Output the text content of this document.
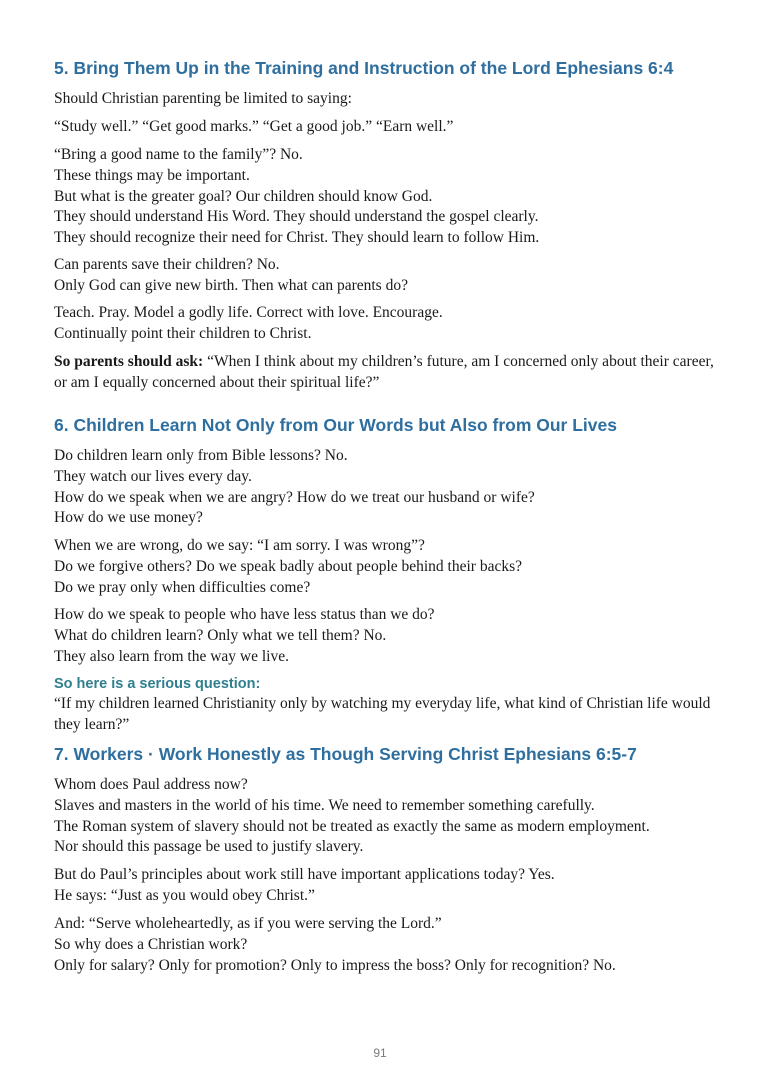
5. Bring Them Up in the Training and Instruction of the Lord Ephesians 6:4
Should Christian parenting be limited to saying:
“Study well.” “Get good marks.” “Get a good job.” “Earn well.”
“Bring a good name to the family”? No.
These things may be important.
But what is the greater goal? Our children should know God.
They should understand His Word. They should understand the gospel clearly.
They should recognize their need for Christ. They should learn to follow Him.
Can parents save their children? No.
Only God can give new birth. Then what can parents do?
Teach. Pray. Model a godly life. Correct with love. Encourage.
Continually point their children to Christ.
So parents should ask: “When I think about my children’s future, am I concerned only about their career, or am I equally concerned about their spiritual life?”
6. Children Learn Not Only from Our Words but Also from Our Lives
Do children learn only from Bible lessons? No.
They watch our lives every day.
How do we speak when we are angry? How do we treat our husband or wife?
How do we use money?
When we are wrong, do we say: “I am sorry. I was wrong”?
Do we forgive others? Do we speak badly about people behind their backs?
Do we pray only when difficulties come?
How do we speak to people who have less status than we do?
What do children learn? Only what we tell them? No.
They also learn from the way we live.
So here is a serious question:
“If my children learned Christianity only by watching my everyday life, what kind of Christian life would they learn?”
7. Workers · Work Honestly as Though Serving Christ Ephesians 6:5-7
Whom does Paul address now?
Slaves and masters in the world of his time. We need to remember something carefully.
The Roman system of slavery should not be treated as exactly the same as modern employment.
Nor should this passage be used to justify slavery.
But do Paul’s principles about work still have important applications today? Yes.
He says: “Just as you would obey Christ.”
And: “Serve wholeheartedly, as if you were serving the Lord.”
So why does a Christian work?
Only for salary? Only for promotion? Only to impress the boss? Only for recognition? No.
91
